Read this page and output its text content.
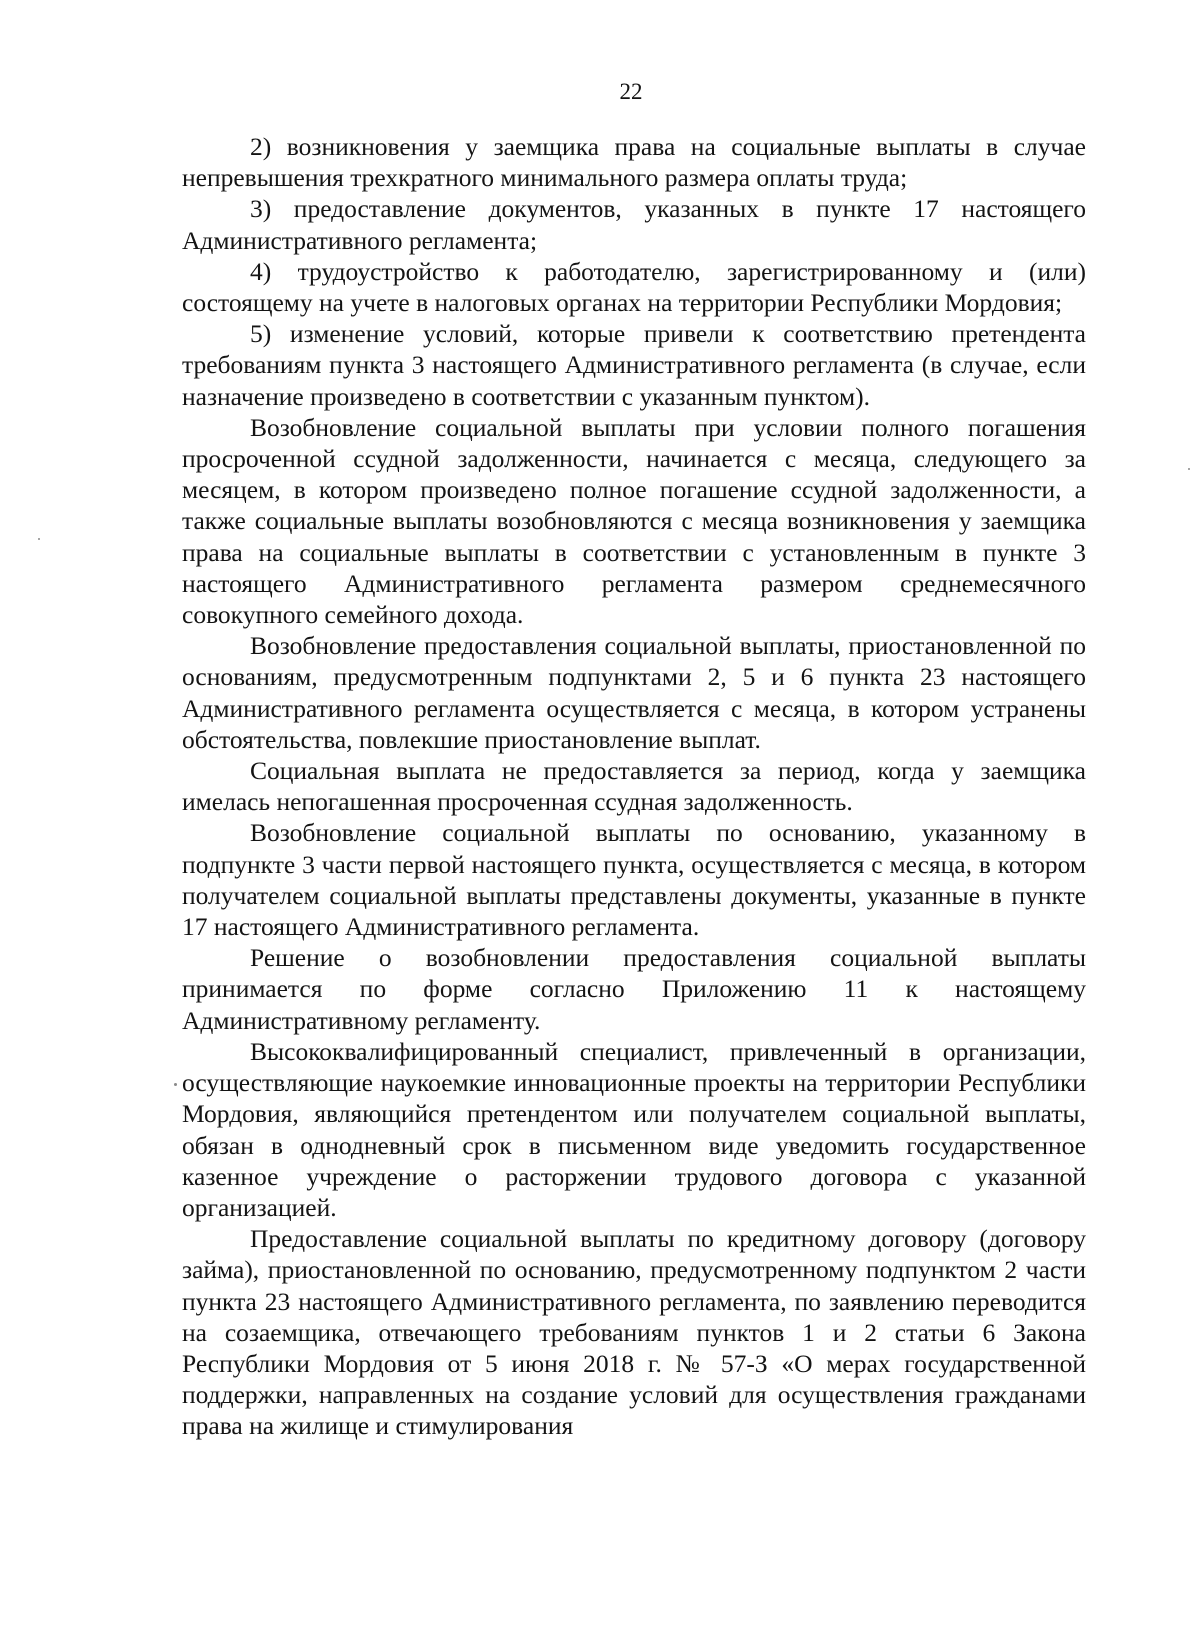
22

2) возникновения у заемщика права на социальные выплаты в случае непревышения трехкратного минимального размера оплаты труда;

3) предоставление документов, указанных в пункте 17 настоящего Административного регламента;

4) трудоустройство к работодателю, зарегистрированному и (или) состоящему на учете в налоговых органах на территории Республики Мордовия;

5) изменение условий, которые привели к соответствию претендента требованиям пункта 3 настоящего Административного регламента (в случае, если назначение произведено в соответствии с указанным пунктом).

Возобновление социальной выплаты при условии полного погашения просроченной ссудной задолженности, начинается с месяца, следующего за месяцем, в котором произведено полное погашение ссудной задолженности, а также социальные выплаты возобновляются с месяца возникновения у заемщика права на социальные выплаты в соответствии с установленным в пункте 3 настоящего Административного регламента размером среднемесячного совокупного семейного дохода.

Возобновление предоставления социальной выплаты, приостановленной по основаниям, предусмотренным подпунктами 2, 5 и 6 пункта 23 настоящего Административного регламента осуществляется с месяца, в котором устранены обстоятельства, повлекшие приостановление выплат.

Социальная выплата не предоставляется за период, когда у заемщика имелась непогашенная просроченная ссудная задолженность.

Возобновление социальной выплаты по основанию, указанному в подпункте 3 части первой настоящего пункта, осуществляется с месяца, в котором получателем социальной выплаты представлены документы, указанные в пункте 17 настоящего Административного регламента.

Решение о возобновлении предоставления социальной выплаты принимается по форме согласно Приложению 11 к настоящему Административному регламенту.

Высококвалифицированный специалист, привлеченный в организации, осуществляющие наукоемкие инновационные проекты на территории Республики Мордовия, являющийся претендентом или получателем социальной выплаты, обязан в однодневный срок в письменном виде уведомить государственное казенное учреждение о расторжении трудового договора с указанной организацией.

Предоставление социальной выплаты по кредитному договору (договору займа), приостановленной по основанию, предусмотренному подпунктом 2 части пункта 23 настоящего Административного регламента, по заявлению переводится на созаемщика, отвечающего требованиям пунктов 1 и 2 статьи 6 Закона Республики Мордовия от 5 июня 2018 г. № 57-З «О мерах государственной поддержки, направленных на создание условий для осуществления гражданами права на жилище и стимулирования
